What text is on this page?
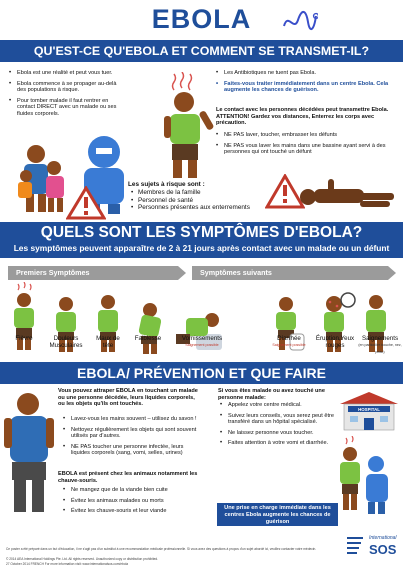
EBOLA
QU'EST-CE QU'EBOLA ET COMMENT SE TRANSMET-IL?
• Ebola est une réalité et peut vous tuer.
• Ebola commence à se propager au-delà des populations à risque.
• Pour tomber malade il faut rentrer en contact DIRECT avec un malade ou ses fluides corporels.
• Les Antibiotiques ne tuent pas Ebola.
• Faites-vous traiter immédiatement dans un centre Ebola. Cela augmente les chances de guérison.
Le contact avec les personnes décédées peut transmettre Ebola. ATTENTION! Gardez vos distances, Enterrez les corps avec précaution.
• NE PAS laver, toucher, embrasser les défunts
• NE PAS vous laver les mains dans une bassine ayant servi à des personnes qui ont touché un défunt
Les sujets à risque sont :
• Membres de la famille
• Personnel de santé
• Personnes présentes aux enterrements
QUELS SONT LES SYMPTÔMES D'EBOLA?
Les symptômes peuvent apparaître de 2 à 21 jours après contact avec un malade ou un défunt
Premiers Symptômes	Symptômes suivants
Fièvre	Douleurs Musculaires
Maux de tête
Faiblesse	Vomissements
Saignement possible
Diarrhée
Saignement possible
Éruption,Yeux rouges
Saignements
(en particulier bouche, nez, peau)
EBOLA/ PRÉVENTION ET QUE FAIRE
Vous pouvez attraper EBOLA en touchant un malade ou une personne décédée, leurs liquides corporels, ou les objets qu'ils ont touchés.
• Lavez-vous les mains souvent – utilisez du savon !
• Nettoyez régulièrement les objets qui sont souvent utilisés par d'autres.
• NE PAS toucher une personne infectée, leurs liquides corporels (sang, vomi, selles, urines)
EBOLA est présent chez les animaux notamment les chauve-souris.
• Ne mangez que de la viande bien cuite
• Évitez les animaux malades ou morts
• Évitez les chauve-souris et leur viande
Si vous êtes malade ou avez touché une personne malade:
• Appelez votre centre médical.
• Suivez leurs conseils, vous serez peut être transféré dans un hôpital spécialisé.
• Ne laissez personne vous toucher.
• Faites attention à votre vomi et diarrhée.
HOSPITAL
Une prise en charge immédiate dans les centres Ebola augmente les chances de guérison
Ce poster a été préparé dans un but d'éducation, il ne s'agit pas d'un substitut à une recommandation médicale professionnelle. Si vous avez des questions à propos d'un sujet abordé ici, veuillez contacter votre médecin.
© 2014 AEA International Holdings Pte. Ltd. All rights reserved. Unauthorized copy or distribution prohibited.
27 October 2014 FRENCH For more information visit: www.internationalsos.com/ebola
International
SOS
